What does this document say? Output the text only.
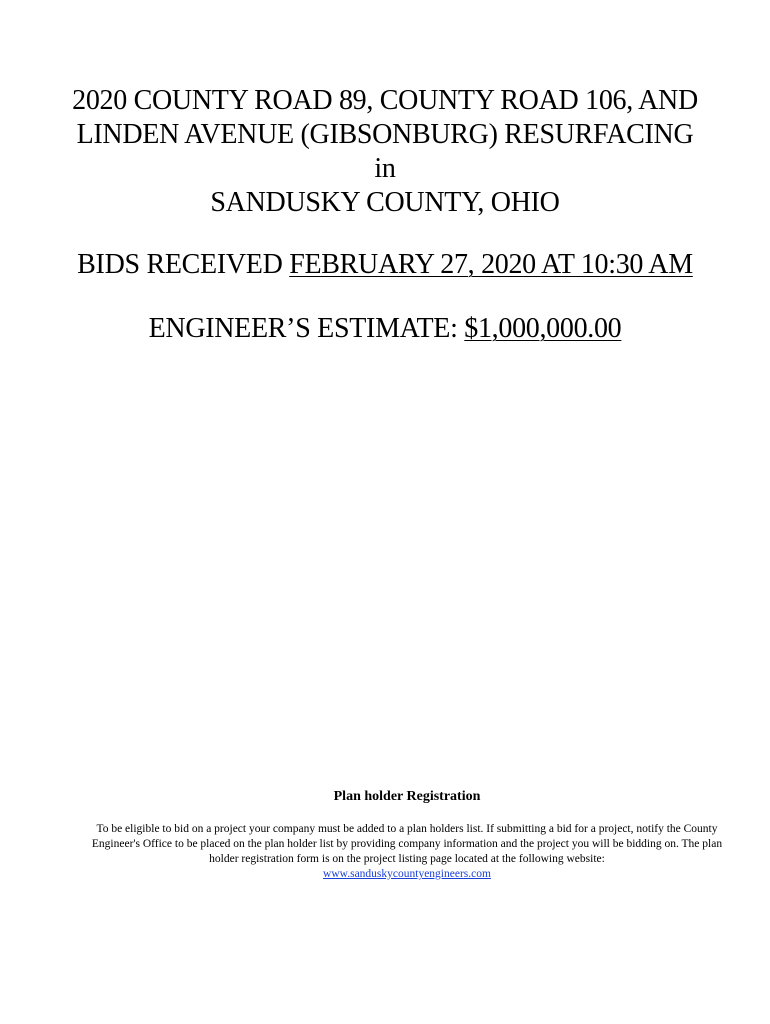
2020 COUNTY ROAD 89, COUNTY ROAD 106, AND
LINDEN AVENUE (GIBSONBURG) RESURFACING
in
SANDUSKY COUNTY, OHIO
BIDS RECEIVED FEBRUARY 27, 2020 AT 10:30 AM
ENGINEER’S ESTIMATE: $1,000,000.00
Plan holder Registration
To be eligible to bid on a project your company must be added to a plan holders list. If submitting a bid for a project, notify the County Engineer's Office to be placed on the plan holder list by providing company information and the project you will be bidding on. The plan holder registration form is on the project listing page located at the following website:
www.sanduskycountyengineers.com
